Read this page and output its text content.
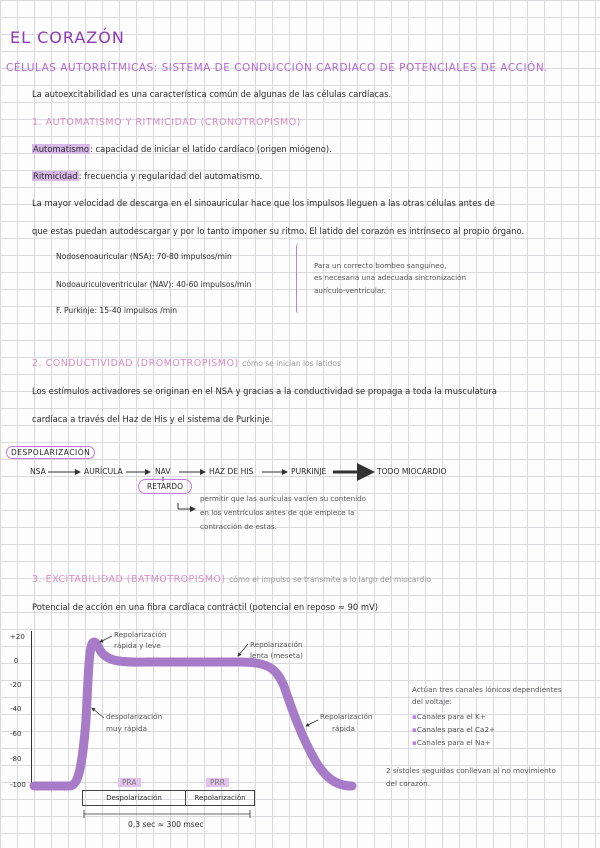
EL CORAZÓN
CÉLULAS AUTORRÍTMICAS: SISTEMA DE CONDUCCIÓN CARDIACO DE POTENCIALES DE ACCIÓN.
La autoexcitabilidad es una característica común de algunas de las células cardíacas.
1. AUTOMATISMO Y RITMICIDAD (CRONOTROPISMO)
Automatismo: capacidad de iniciar el latido cardíaco (origen miógeno).
Ritmicidad: frecuencia y regularidad del automatismo.
La mayor velocidad de descarga en el sinoauricular hace que los impulsos lleguen a las otras células antes de
que estas puedan autodescargar y por lo tanto imponer su ritmo. El latido del corazón es intrínseco al propio órgano.
Nodosenoauricular (NSA): 70-80 impulsos/min
Nodoauriculoventricular (NAV): 40-60 impulsos/min
F. Purkinje: 15-40 impulsos /min
Para un correcto bombeo sanguíneo,
es necesaria una adecuada sincronización
aurículo-ventricular.
2. CONDUCTIVIDAD (DROMOTROPISMO) cómo se inician los latidos
Los estímulos activadores se originan en el NSA y gracias a la conductividad se propaga a toda la musculatura
cardíaca a través del Haz de His y el sistema de Purkinje.
DESPOLARIZACIÓN
NSA	AURÍCULA	NAV	HAZ DE HIS	PURKINJE	TODO MIOCARDIO
RETARDO
permitir que las aurículas vacíen su contenido
en los ventrículos antes de que empiece la
contracción de estas.
3. EXCITABILIDAD (BATMOTROPISMO) cómo el impulso se transmite a lo largo del miocardio
Potencial de acción en una fibra cardíaca contráctil (potencial en reposo ≈ 90 mV)
+20
0
-20
-40
-60
-80
-100
Repolarización
rápida y leve	Repolarización
lenta (meseta)
despolarización
muy rápida
Repolarización
rápida
Actúan tres canales iónicos dependientes
del voltaje:
▪Canales para el K+
▪Canales para el Ca2+
▪Canales para el Na+
2 sístoles seguidas conllevan al no movimiento
del corazón.
PRA	PRR
Despolarización	Repolarización
0,3 sec ≈ 300 msec
